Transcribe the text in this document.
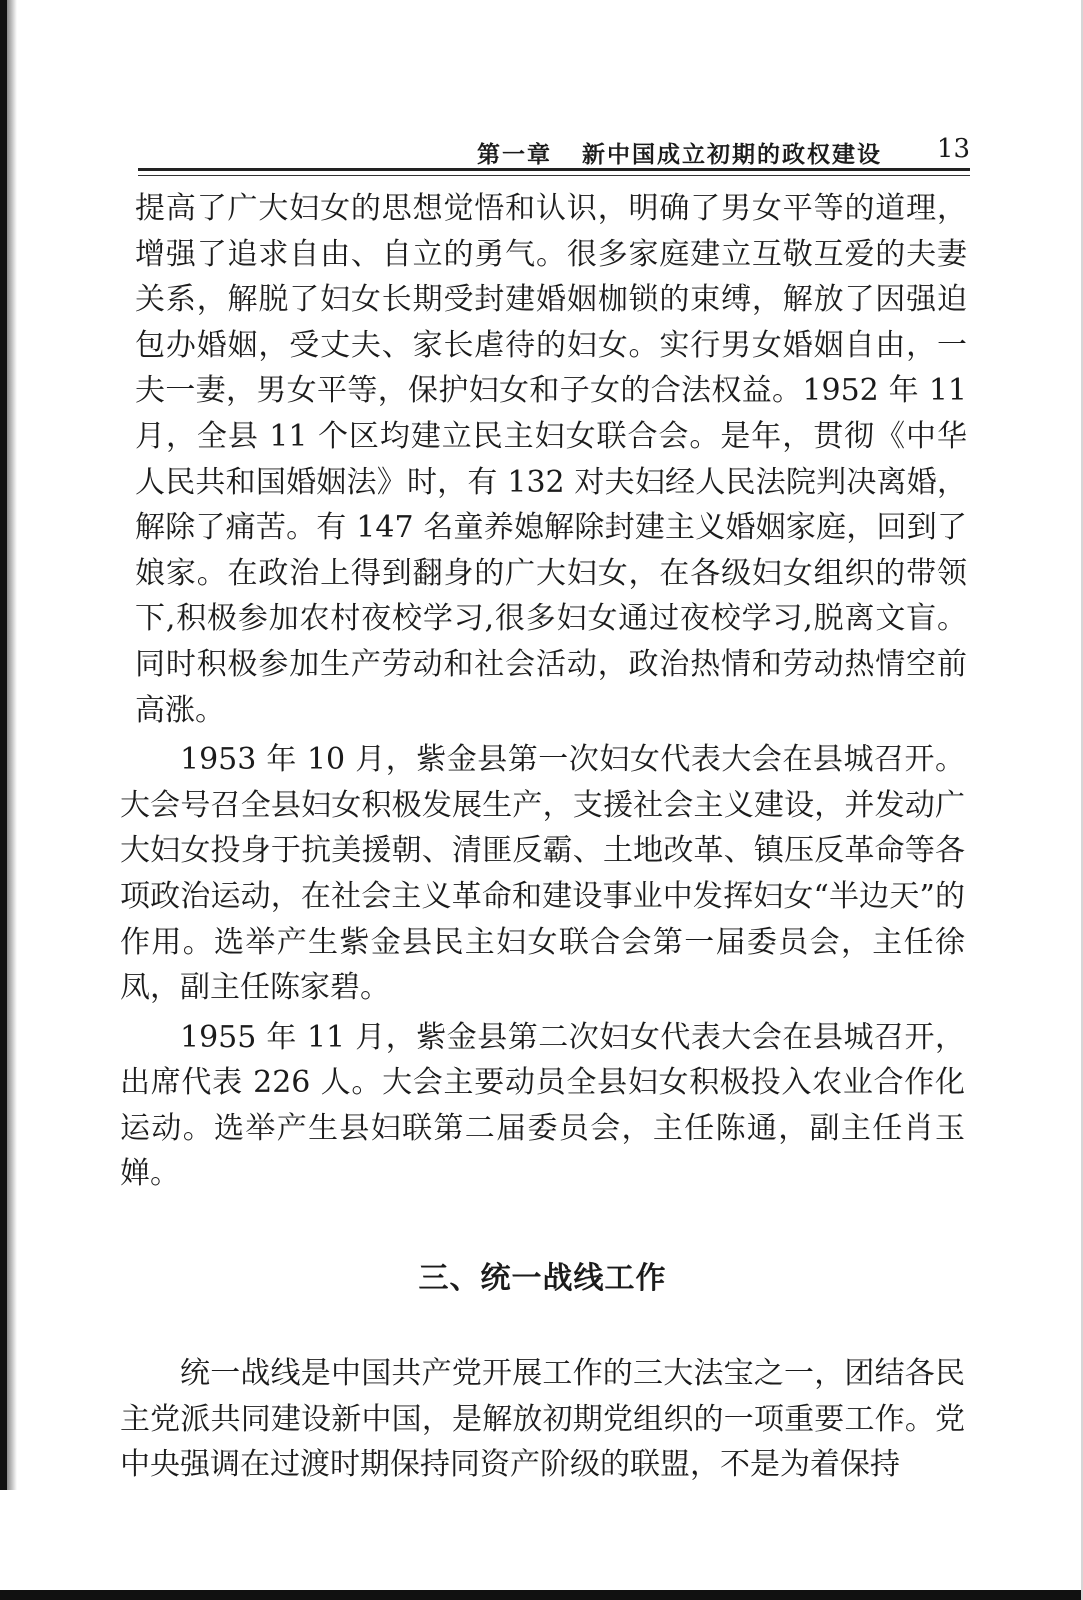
第一章   新中国成立初期的政权建设 13

提高了广大妇女的思想觉悟和认识，明确了男女平等的道理，增强了追求自由、自立的勇气。很多家庭建立互敬互爱的夫妻关系，解脱了妇女长期受封建婚姻枷锁的束缚，解放了因强迫包办婚姻，受丈夫、家长虐待的妇女。实行男女婚姻自由，一夫一妻，男女平等，保护妇女和子女的合法权益。1952 年 11 月，全县 11 个区均建立民主妇女联合会。是年，贯彻《中华人民共和国婚姻法》时，有 132 对夫妇经人民法院判决离婚，解除了痛苦。有 147 名童养媳解除封建主义婚姻家庭，回到了娘家。在政治上得到翻身的广大妇女，在各级妇女组织的带领下,积极参加农村夜校学习,很多妇女通过夜校学习,脱离文盲。同时积极参加生产劳动和社会活动，政治热情和劳动热情空前高涨。

1953 年 10 月，紫金县第一次妇女代表大会在县城召开。大会号召全县妇女积极发展生产，支援社会主义建设，并发动广大妇女投身于抗美援朝、清匪反霸、土地改革、镇压反革命等各项政治运动，在社会主义革命和建设事业中发挥妇女“半边天”的作用。选举产生紫金县民主妇女联合会第一届委员会，主任徐凤，副主任陈家碧。

1955 年 11 月，紫金县第二次妇女代表大会在县城召开，出席代表 226 人。大会主要动员全县妇女积极投入农业合作化运动。选举产生县妇联第二届委员会，主任陈通，副主任肖玉婵。

三、统一战线工作

统一战线是中国共产党开展工作的三大法宝之一，团结各民主党派共同建设新中国，是解放初期党组织的一项重要工作。党中央强调在过渡时期保持同资产阶级的联盟，不是为着保持
